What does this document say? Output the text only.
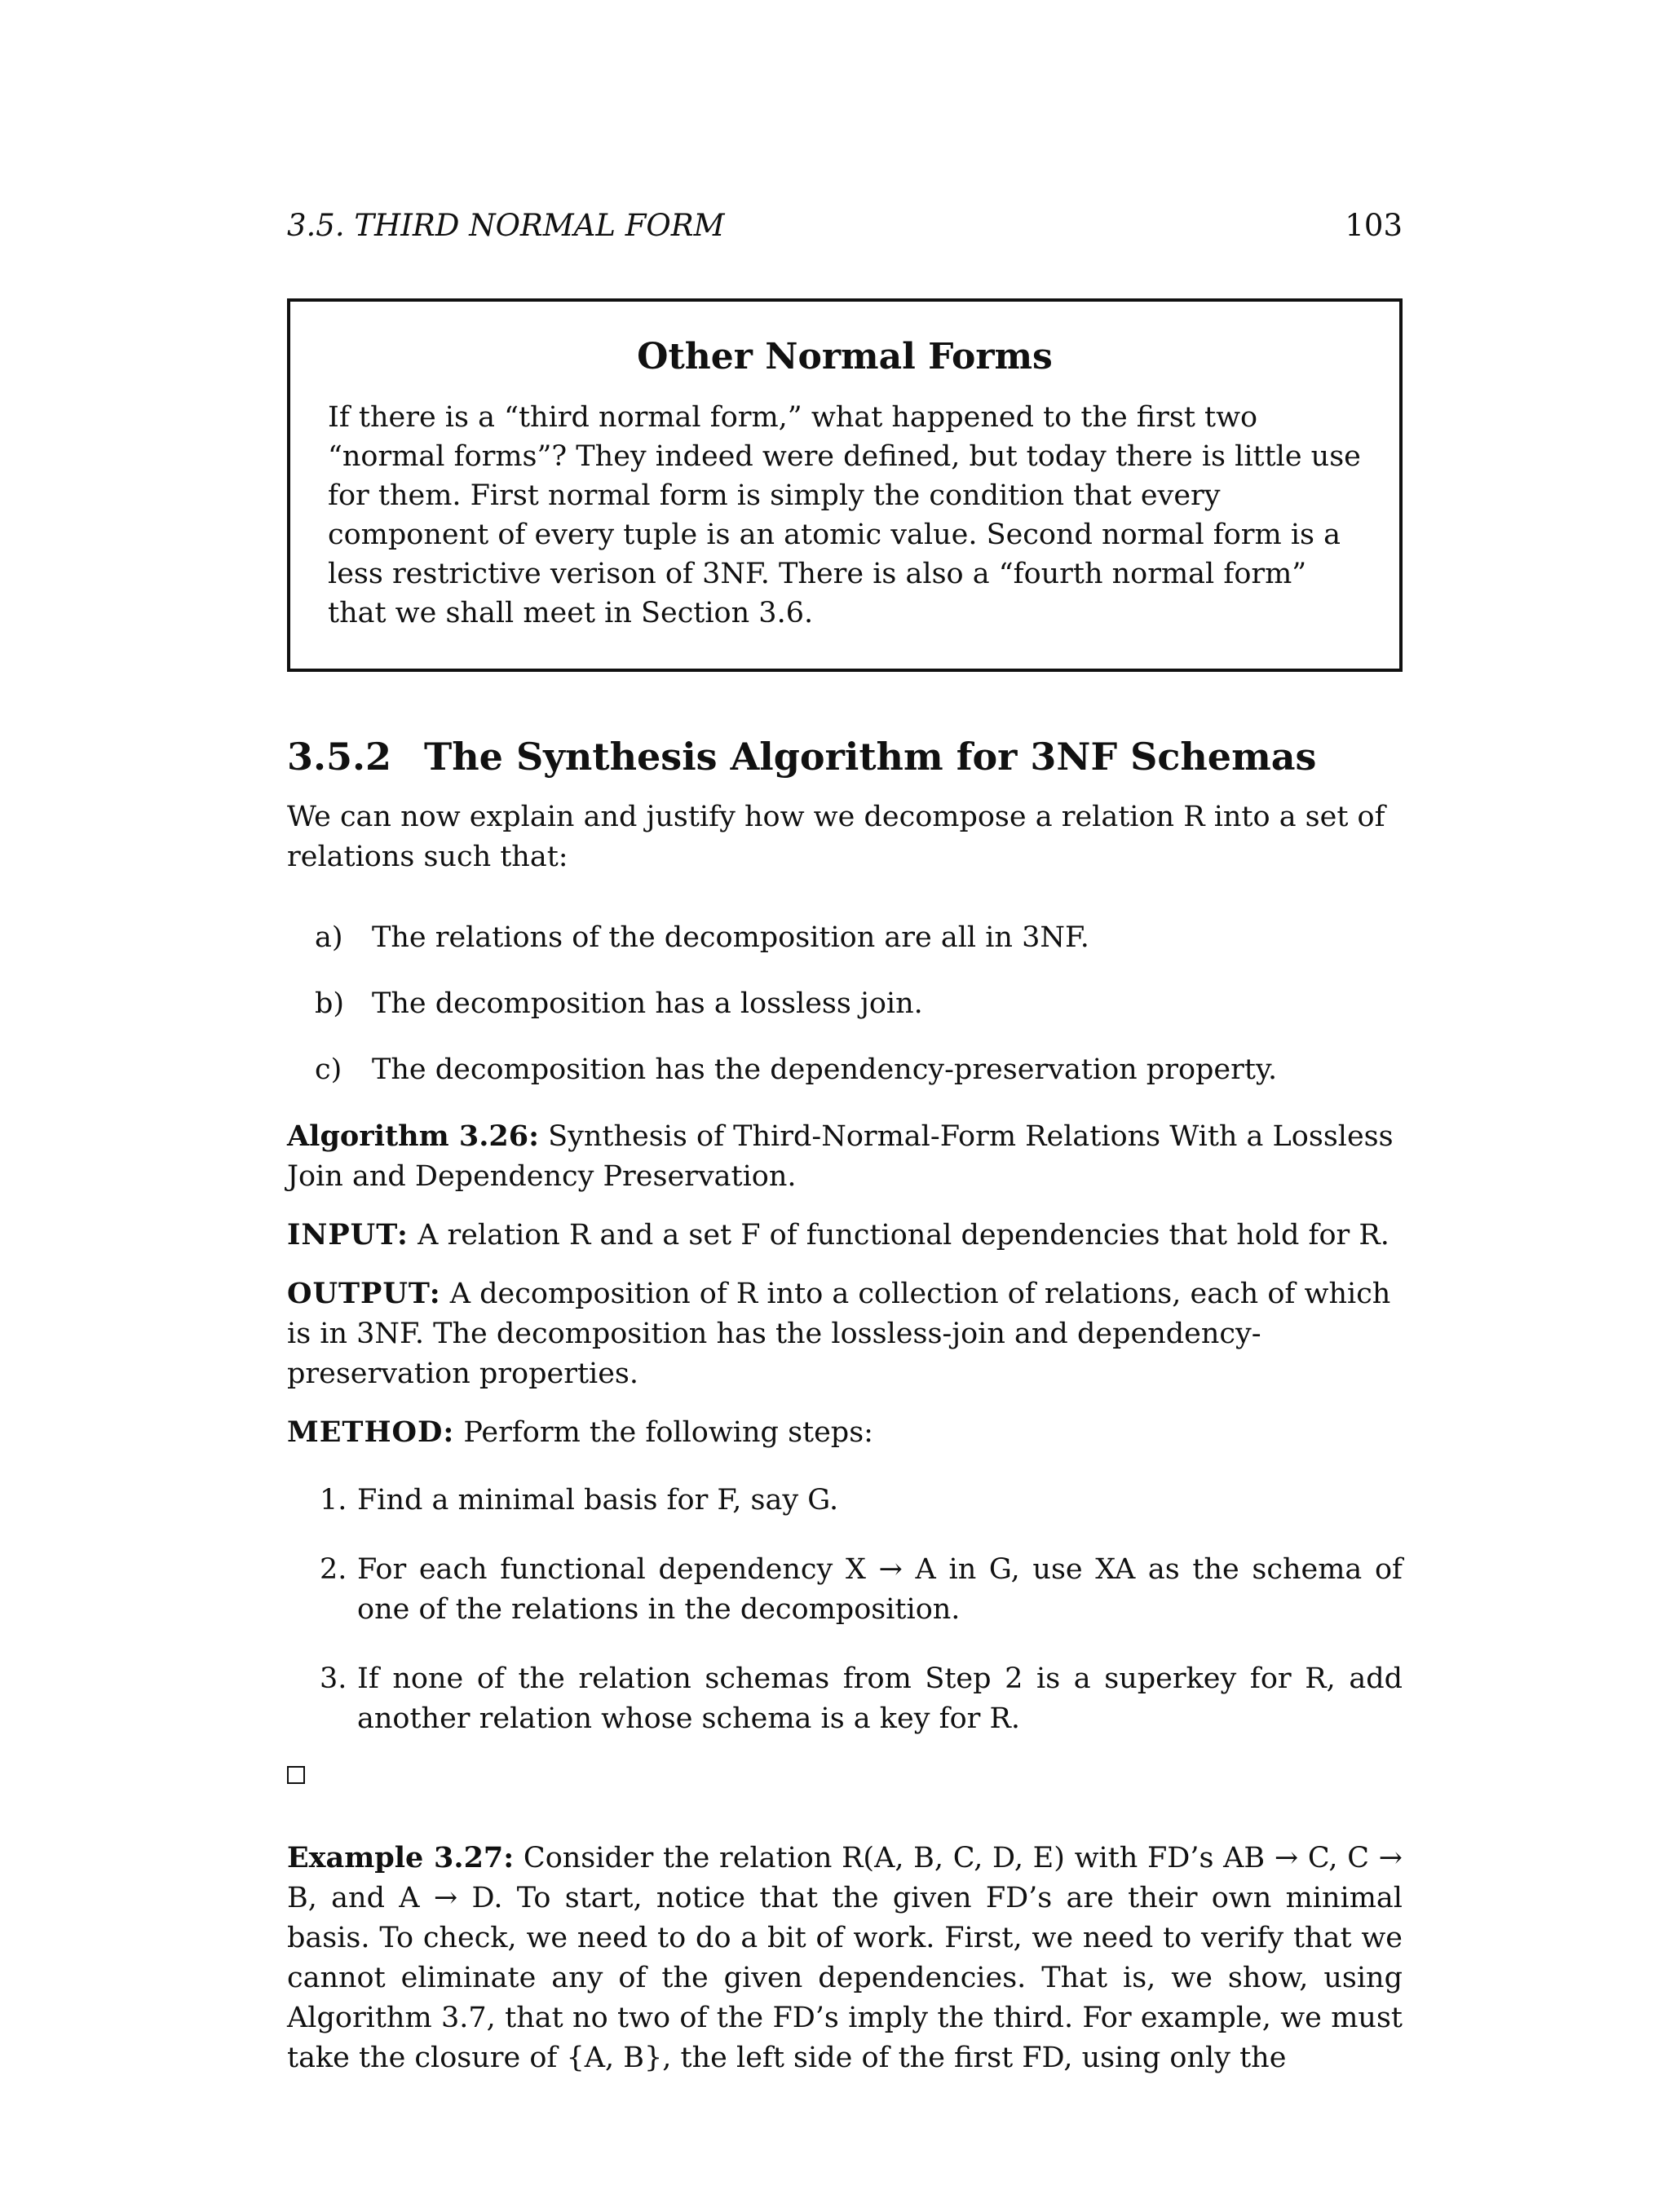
3.5. THIRD NORMAL FORM	103
Other Normal Forms
If there is a “third normal form,” what happened to the first two “normal forms”? They indeed were defined, but today there is little use for them. First normal form is simply the condition that every component of every tuple is an atomic value. Second normal form is a less restrictive verison of 3NF. There is also a “fourth normal form” that we shall meet in Section 3.6.
3.5.2 The Synthesis Algorithm for 3NF Schemas

We can now explain and justify how we decompose a relation R into a set of relations such that:

a)	The relations of the decomposition are all in 3NF.
b) The decomposition has a lossless join.
c)	The decomposition has the dependency-preservation property.

Algorithm 3.26: Synthesis of Third-Normal-Form Relations With a Lossless Join and Dependency Preservation.

INPUT: A relation R and a set F of functional dependencies that hold for R.

OUTPUT: A decomposition of R into a collection of relations, each of which is in 3NF. The decomposition has the lossless-join and dependency-preservation properties.

METHOD: Perform the following steps:

1. Find a minimal basis for F, say G.
2. For each functional dependency X → A in G, use XA as the schema of one of the relations in the decomposition.
3. If none of the relation schemas from Step 2 is a superkey for R, add another relation whose schema is a key for R.

Example 3.27: Consider the relation R(A, B, C, D, E) with FD’s AB → C, C → B, and A → D. To start, notice that the given FD’s are their own minimal basis. To check, we need to do a bit of work. First, we need to verify that we cannot eliminate any of the given dependencies. That is, we show, using Algorithm 3.7, that no two of the FD’s imply the third. For example, we must take the closure of {A, B}, the left side of the first FD, using only the
